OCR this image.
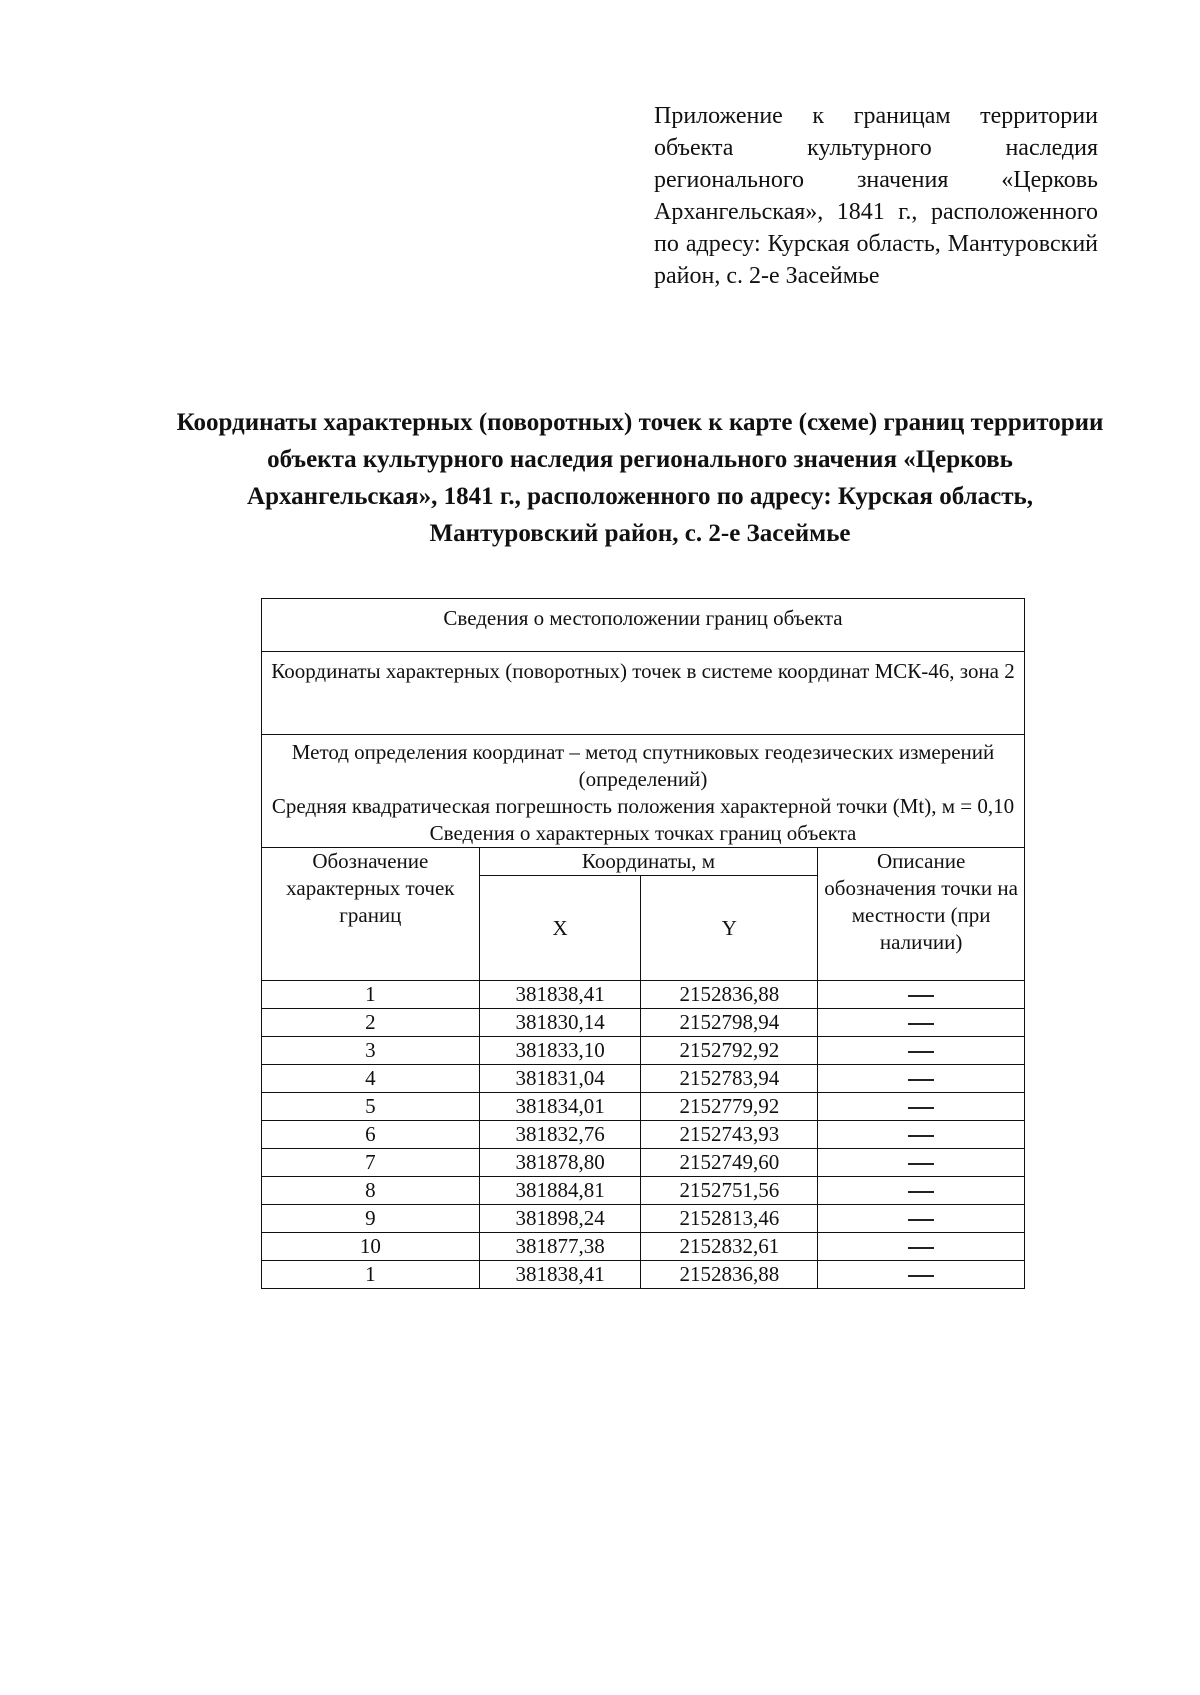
Приложение к границам территории объекта культурного наследия регионального значения «Церковь Архангельская», 1841 г., расположенного по адресу: Курская область, Мантуровский район, с. 2-е Засеймье
Координаты характерных (поворотных) точек к карте (схеме) границ территории объекта культурного наследия регионального значения «Церковь Архангельская», 1841 г., расположенного по адресу: Курская область, Мантуровский район, с. 2-е Засеймье
Сведения о местоположении границ объекта			
Координаты характерных (поворотных) точек в системе координат МСК-46, зона 2			

Метод определения координат – метод спутниковых геодезических измерений (определений)
Средняя квадратическая погрешность положения характерной точки (Mt), м = 0,10
Сведения о характерных точках границ объекта			

Обозначение характерных точек границ	Координаты, м		Описание обозначения точки на местности (при наличии)
	X	Y	
1	381838,41	2152836,88	
2	381830,14	2152798,94	
3	381833,10	2152792,92	
4	381831,04	2152783,94	
5	381834,01	2152779,92	
6	381832,76	2152743,93	
7	381878,80	2152749,60	
8	381884,81	2152751,56	
9	381898,24	2152813,46	
10	381877,38	2152832,61	
1	381838,41	2152836,88	
